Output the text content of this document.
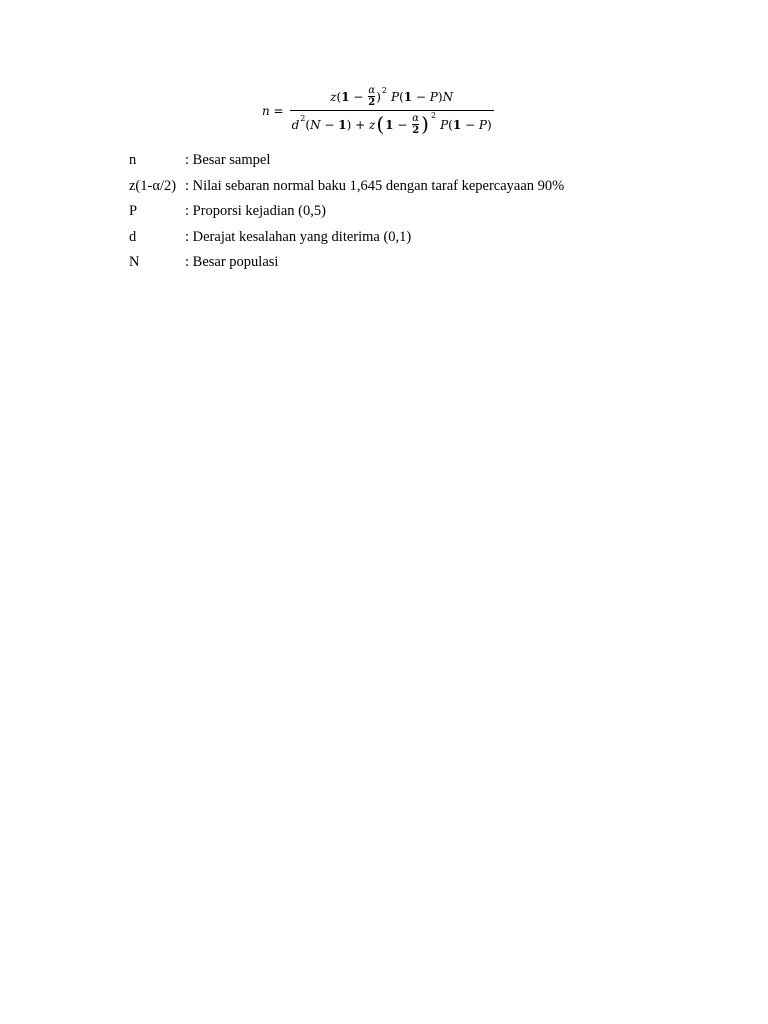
n =
z ( $1 - \frac{\alpha}{2}$ ) 2 P ( 1 − P ) N
d 2 ( N − 1 ) + z ( $1 - \frac{\alpha}{2}$ ) 2
P ( 1 − P )
n	: Besar sampel
z(1-α/2) : Nilai sebaran normal baku 1,645 dengan taraf kepercayaan 90%
P	: Proporsi kejadian (0,5)
d	: Derajat kesalahan yang diterima (0,1)
N	: Besar populasi
